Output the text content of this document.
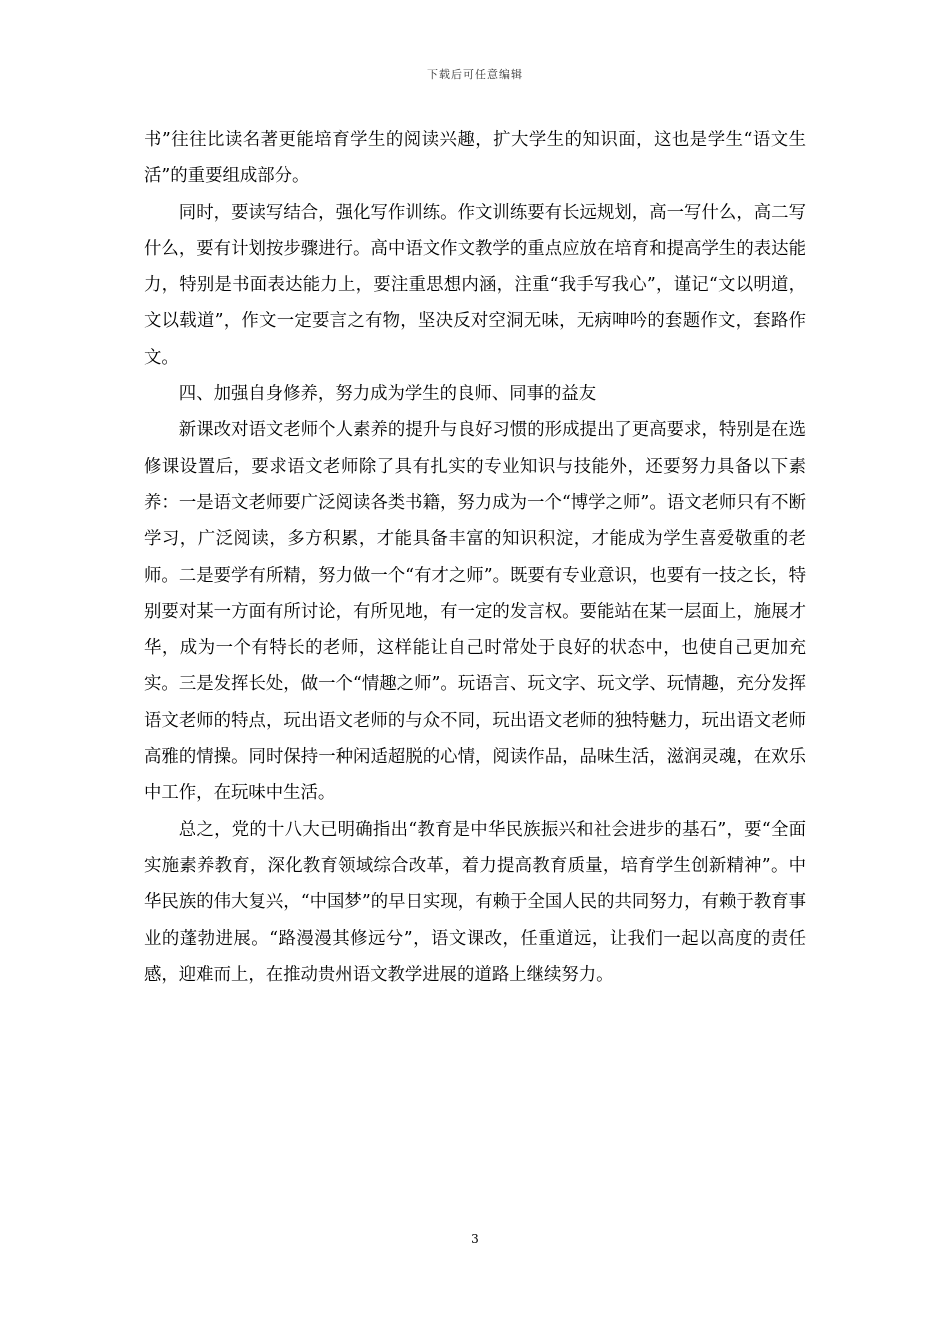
下载后可任意编辑

书”往往比读名著更能培育学生的阅读兴趣，扩大学生的知识面，这也是学生“语文生活”的重要组成部分。

同时，要读写结合，强化写作训练。作文训练要有长远规划，高一写什么，高二写什么，要有计划按步骤进行。高中语文作文教学的重点应放在培育和提高学生的表达能力，特别是书面表达能力上，要注重思想内涵，注重“我手写我心”，谨记“文以明道，文以载道”，作文一定要言之有物，坚决反对空洞无味，无病呻吟的套题作文，套路作文。

四、加强自身修养，努力成为学生的良师、同事的益友

新课改对语文老师个人素养的提升与良好习惯的形成提出了更高要求，特别是在选修课设置后，要求语文老师除了具有扎实的专业知识与技能外，还要努力具备以下素养：一是语文老师要广泛阅读各类书籍，努力成为一个“博学之师”。语文老师只有不断学习，广泛阅读，多方积累，才能具备丰富的知识积淀，才能成为学生喜爱敬重的老师。二是要学有所精，努力做一个“有才之师”。既要有专业意识，也要有一技之长，特别要对某一方面有所讨论，有所见地，有一定的发言权。要能站在某一层面上，施展才华，成为一个有特长的老师，这样能让自己时常处于良好的状态中，也使自己更加充实。三是发挥长处，做一个“情趣之师”。玩语言、玩文字、玩文学、玩情趣，充分发挥语文老师的特点，玩出语文老师的与众不同，玩出语文老师的独特魅力，玩出语文老师高雅的情操。同时保持一种闲适超脱的心情，阅读作品，品味生活，滋润灵魂，在欢乐中工作，在玩味中生活。

总之，党的十八大已明确指出“教育是中华民族振兴和社会进步的基石”，要“全面实施素养教育，深化教育领域综合改革，着力提高教育质量，培育学生创新精神”。中华民族的伟大复兴，“中国梦”的早日实现，有赖于全国人民的共同努力，有赖于教育事业的蓬勃进展。“路漫漫其修远兮”，语文课改，任重道远，让我们一起以高度的责任感，迎难而上，在推动贵州语文教学进展的道路上继续努力。

3
